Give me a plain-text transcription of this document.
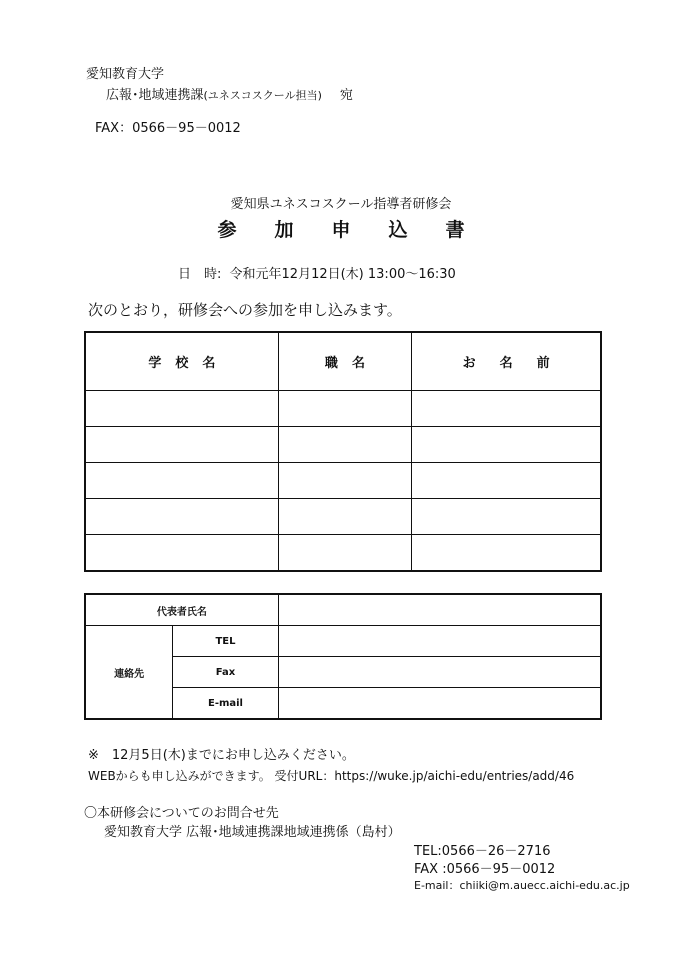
愛知教育大学
広報･地域連携課(ユネスコスクール担当) 宛
FAX：0566－95－0012
愛知県ユネスコスクール指導者研修会
参 加 申 込 書
日　時: 令和元年12月12日(木) 13:00～16:30
次のとおり，研修会への参加を申し込みます。
学 校 名	職 名	お 名 前

代表者氏名		
連絡先	TEL	
	Fax	
	E-mail	
※　12月5日(木)までにお申し込みください。
WEBからも申し込みができます。 受付URL：https://wuke.jp/aichi-edu/entries/add/46
〇本研修会についてのお問合せ先
愛知教育大学 広報･地域連携課地域連携係（島村）
TEL:0566－26－2716
FAX :0566－95－0012
E-mail：chiiki@m.auecc.aichi-edu.ac.jp
